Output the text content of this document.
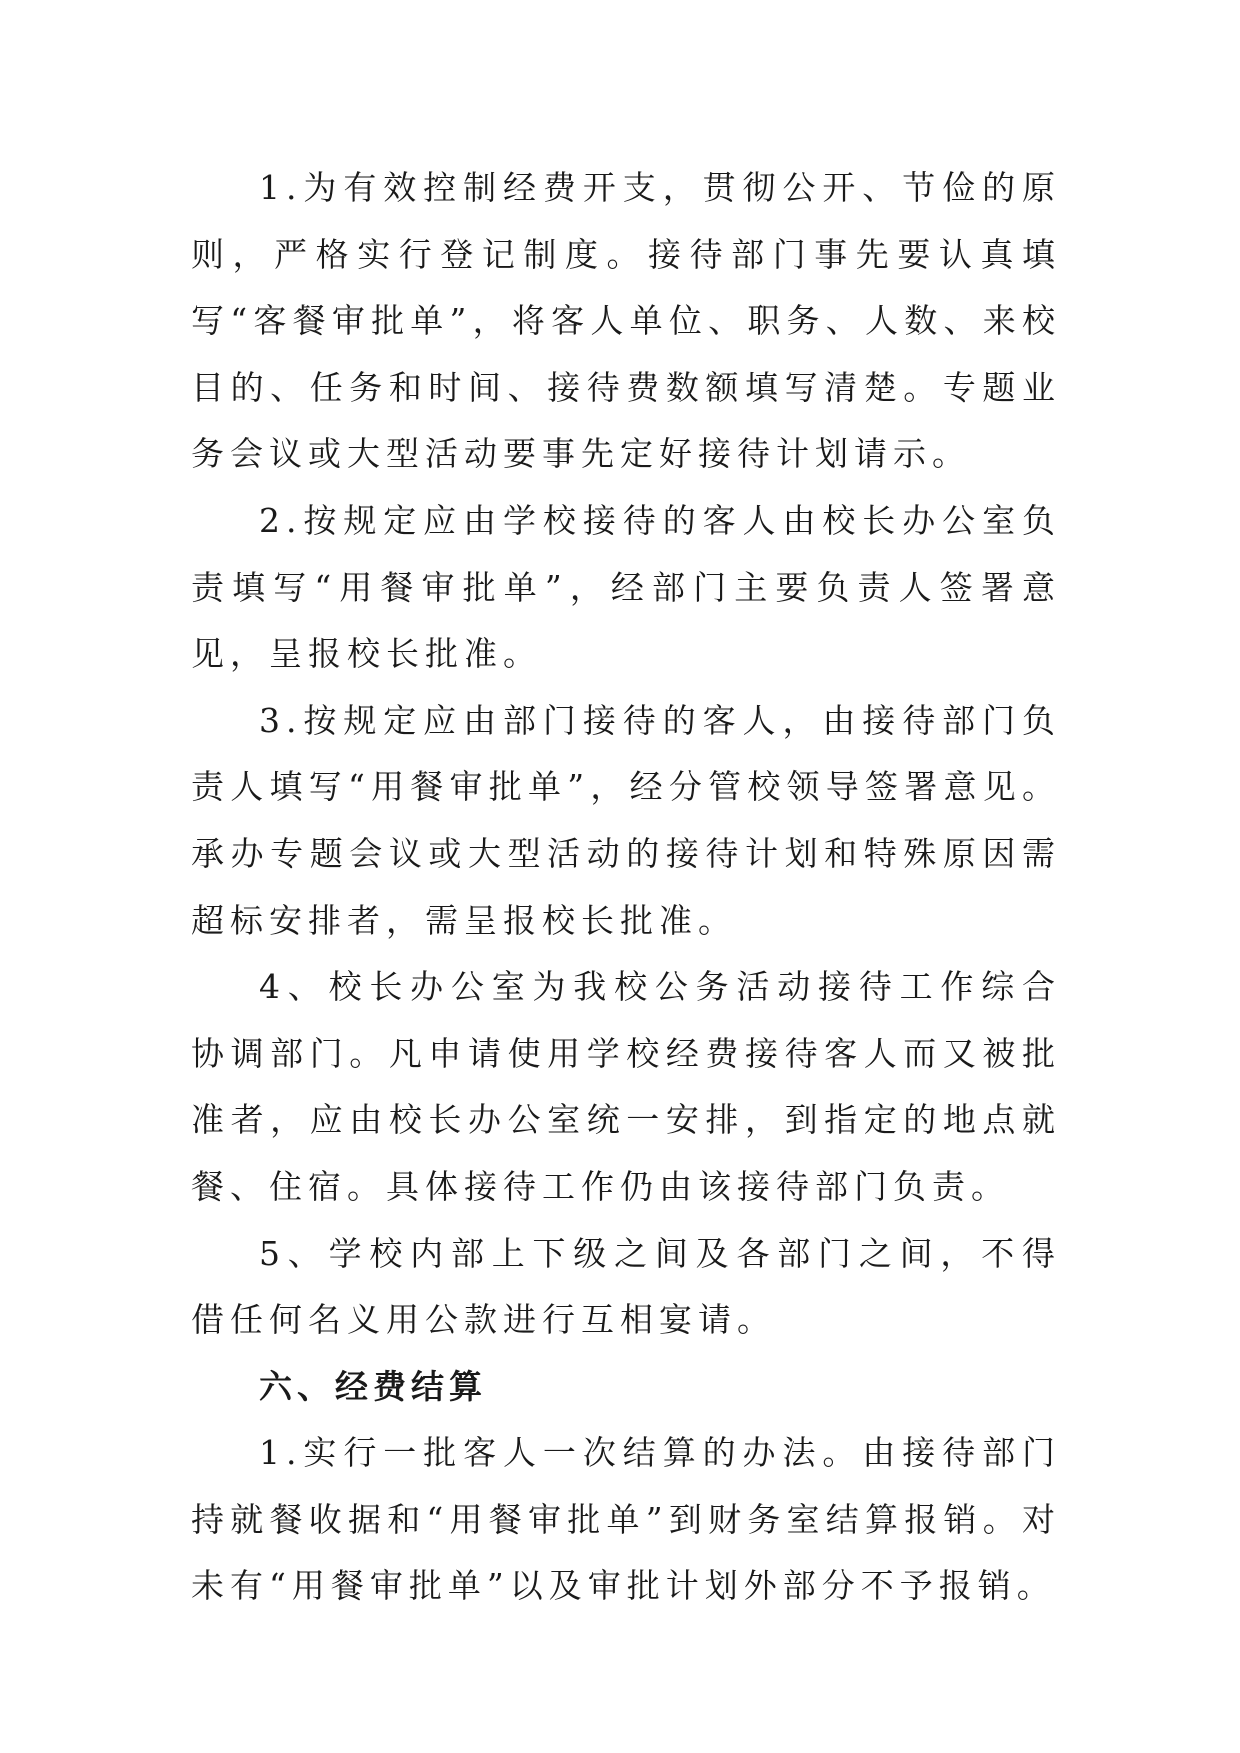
1.为有效控制经费开支，贯彻公开、节俭的原则，严格实行登记制度。接待部门事先要认真填写“客餐审批单”，将客人单位、职务、人数、来校目的、任务和时间、接待费数额填写清楚。专题业务会议或大型活动要事先定好接待计划请示。

2.按规定应由学校接待的客人由校长办公室负责填写“用餐审批单”，经部门主要负责人签署意见，呈报校长批准。

3.按规定应由部门接待的客人，由接待部门负责人填写“用餐审批单”，经分管校领导签署意见。承办专题会议或大型活动的接待计划和特殊原因需超标安排者，需呈报校长批准。

4、校长办公室为我校公务活动接待工作综合协调部门。凡申请使用学校经费接待客人而又被批准者，应由校长办公室统一安排，到指定的地点就餐、住宿。具体接待工作仍由该接待部门负责。

5、学校内部上下级之间及各部门之间，不得借任何名义用公款进行互相宴请。

六、经费结算

1.实行一批客人一次结算的办法。由接待部门持就餐收据和“用餐审批单”到财务室结算报销。对未有“用餐审批单”以及审批计划外部分不予报销。
